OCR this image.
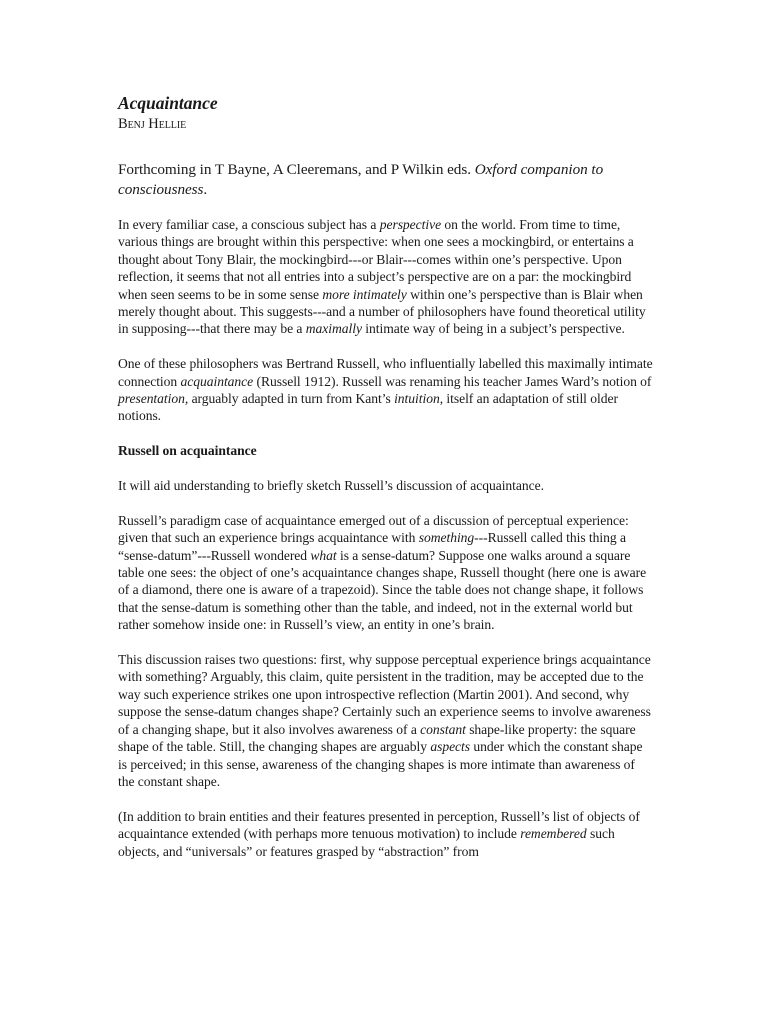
Acquaintance
Benj Hellie

Forthcoming in T Bayne, A Cleeremans, and P Wilkin eds. Oxford companion to consciousness.

In every familiar case, a conscious subject has a perspective on the world. From time to time, various things are brought within this perspective: when one sees a mockingbird, or entertains a thought about Tony Blair, the mockingbird---or Blair---comes within one’s perspective. Upon reflection, it seems that not all entries into a subject’s perspective are on a par: the mockingbird when seen seems to be in some sense more intimately within one’s perspective than is Blair when merely thought about. This suggests---and a number of philosophers have found theoretical utility in supposing---that there may be a maximally intimate way of being in a subject’s perspective.

One of these philosophers was Bertrand Russell, who influentially labelled this maximally intimate connection acquaintance (Russell 1912). Russell was renaming his teacher James Ward’s notion of presentation, arguably adapted in turn from Kant’s intuition, itself an adaptation of still older notions.

Russell on acquaintance

It will aid understanding to briefly sketch Russell’s discussion of acquaintance.

Russell’s paradigm case of acquaintance emerged out of a discussion of perceptual experience: given that such an experience brings acquaintance with something---Russell called this thing a “sense-datum”---Russell wondered what is a sense-datum? Suppose one walks around a square table one sees: the object of one’s acquaintance changes shape, Russell thought (here one is aware of a diamond, there one is aware of a trapezoid). Since the table does not change shape, it follows that the sense-datum is something other than the table, and indeed, not in the external world but rather somehow inside one: in Russell’s view, an entity in one’s brain.

This discussion raises two questions: first, why suppose perceptual experience brings acquaintance with something? Arguably, this claim, quite persistent in the tradition, may be accepted due to the way such experience strikes one upon introspective reflection (Martin 2001). And second, why suppose the sense-datum changes shape? Certainly such an experience seems to involve awareness of a changing shape, but it also involves awareness of a constant shape-like property: the square shape of the table. Still, the changing shapes are arguably aspects under which the constant shape is perceived; in this sense, awareness of the changing shapes is more intimate than awareness of the constant shape.

(In addition to brain entities and their features presented in perception, Russell’s list of objects of acquaintance extended (with perhaps more tenuous motivation) to include remembered such objects, and “universals” or features grasped by “abstraction” from
